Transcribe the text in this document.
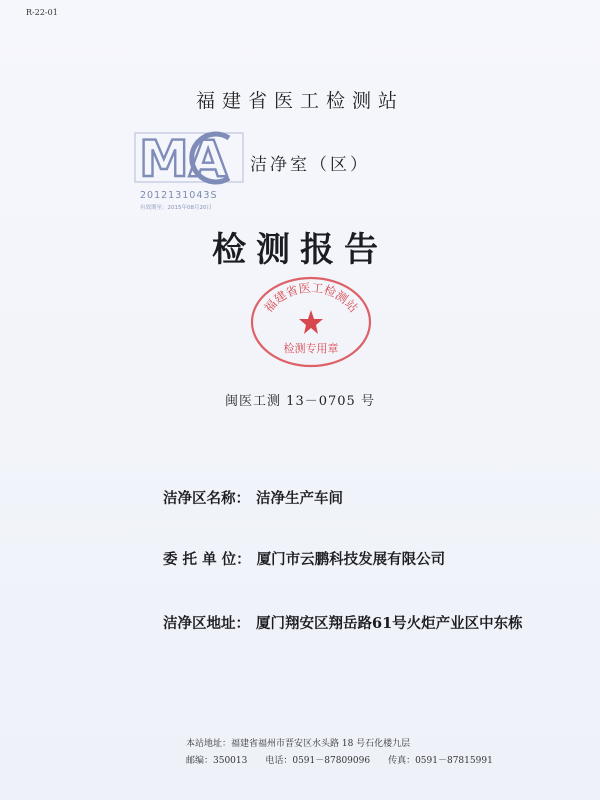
R-22-01
福建省医工检测站
MA
2012131043S
有效期至：2015年08月20日
洁净室（区）
检测报告
福建省医工检测站
检测专用章
闽医工测 13－0705 号
洁净区名称： 洁净生产车间
委 托 单 位： 厦门市云鹏科技发展有限公司
洁净区地址： 厦门翔安区翔岳路61号火炬产业区中东栋
本站地址：福建省福州市晋安区水头路 18 号石化楼九层
邮编：350013 电话：0591－87809096 传真：0591－87815991
